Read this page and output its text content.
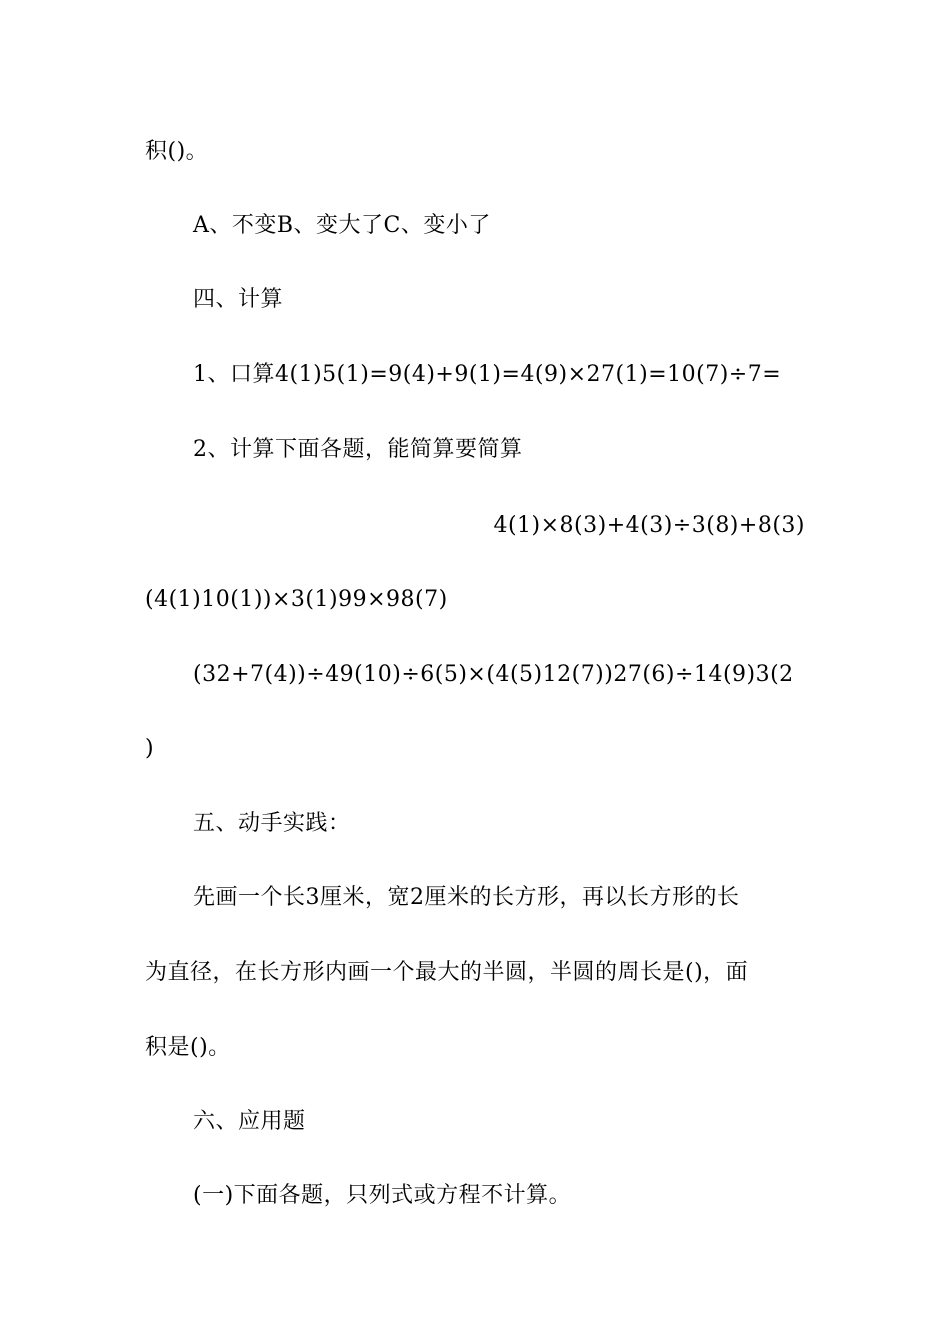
积()。
A、不变B、变大了C、变小了
四、计算
1、口算4(1)5(1)=9(4)+9(1)=4(9)×27(1)=10(7)÷7=
2、计算下面各题，能简算要简算
4(1)×8(3)+4(3)÷3(8)+8(3)
(4(1)10(1))×3(1)99×98(7)
(32+7(4))÷49(10)÷6(5)×(4(5)12(7))27(6)÷14(9)3(2
)
五、动手实践：
先画一个长3厘米，宽2厘米的长方形，再以长方形的长
为直径，在长方形内画一个最大的半圆，半圆的周长是()，面
积是()。
六、应用题
(一)下面各题，只列式或方程不计算。
